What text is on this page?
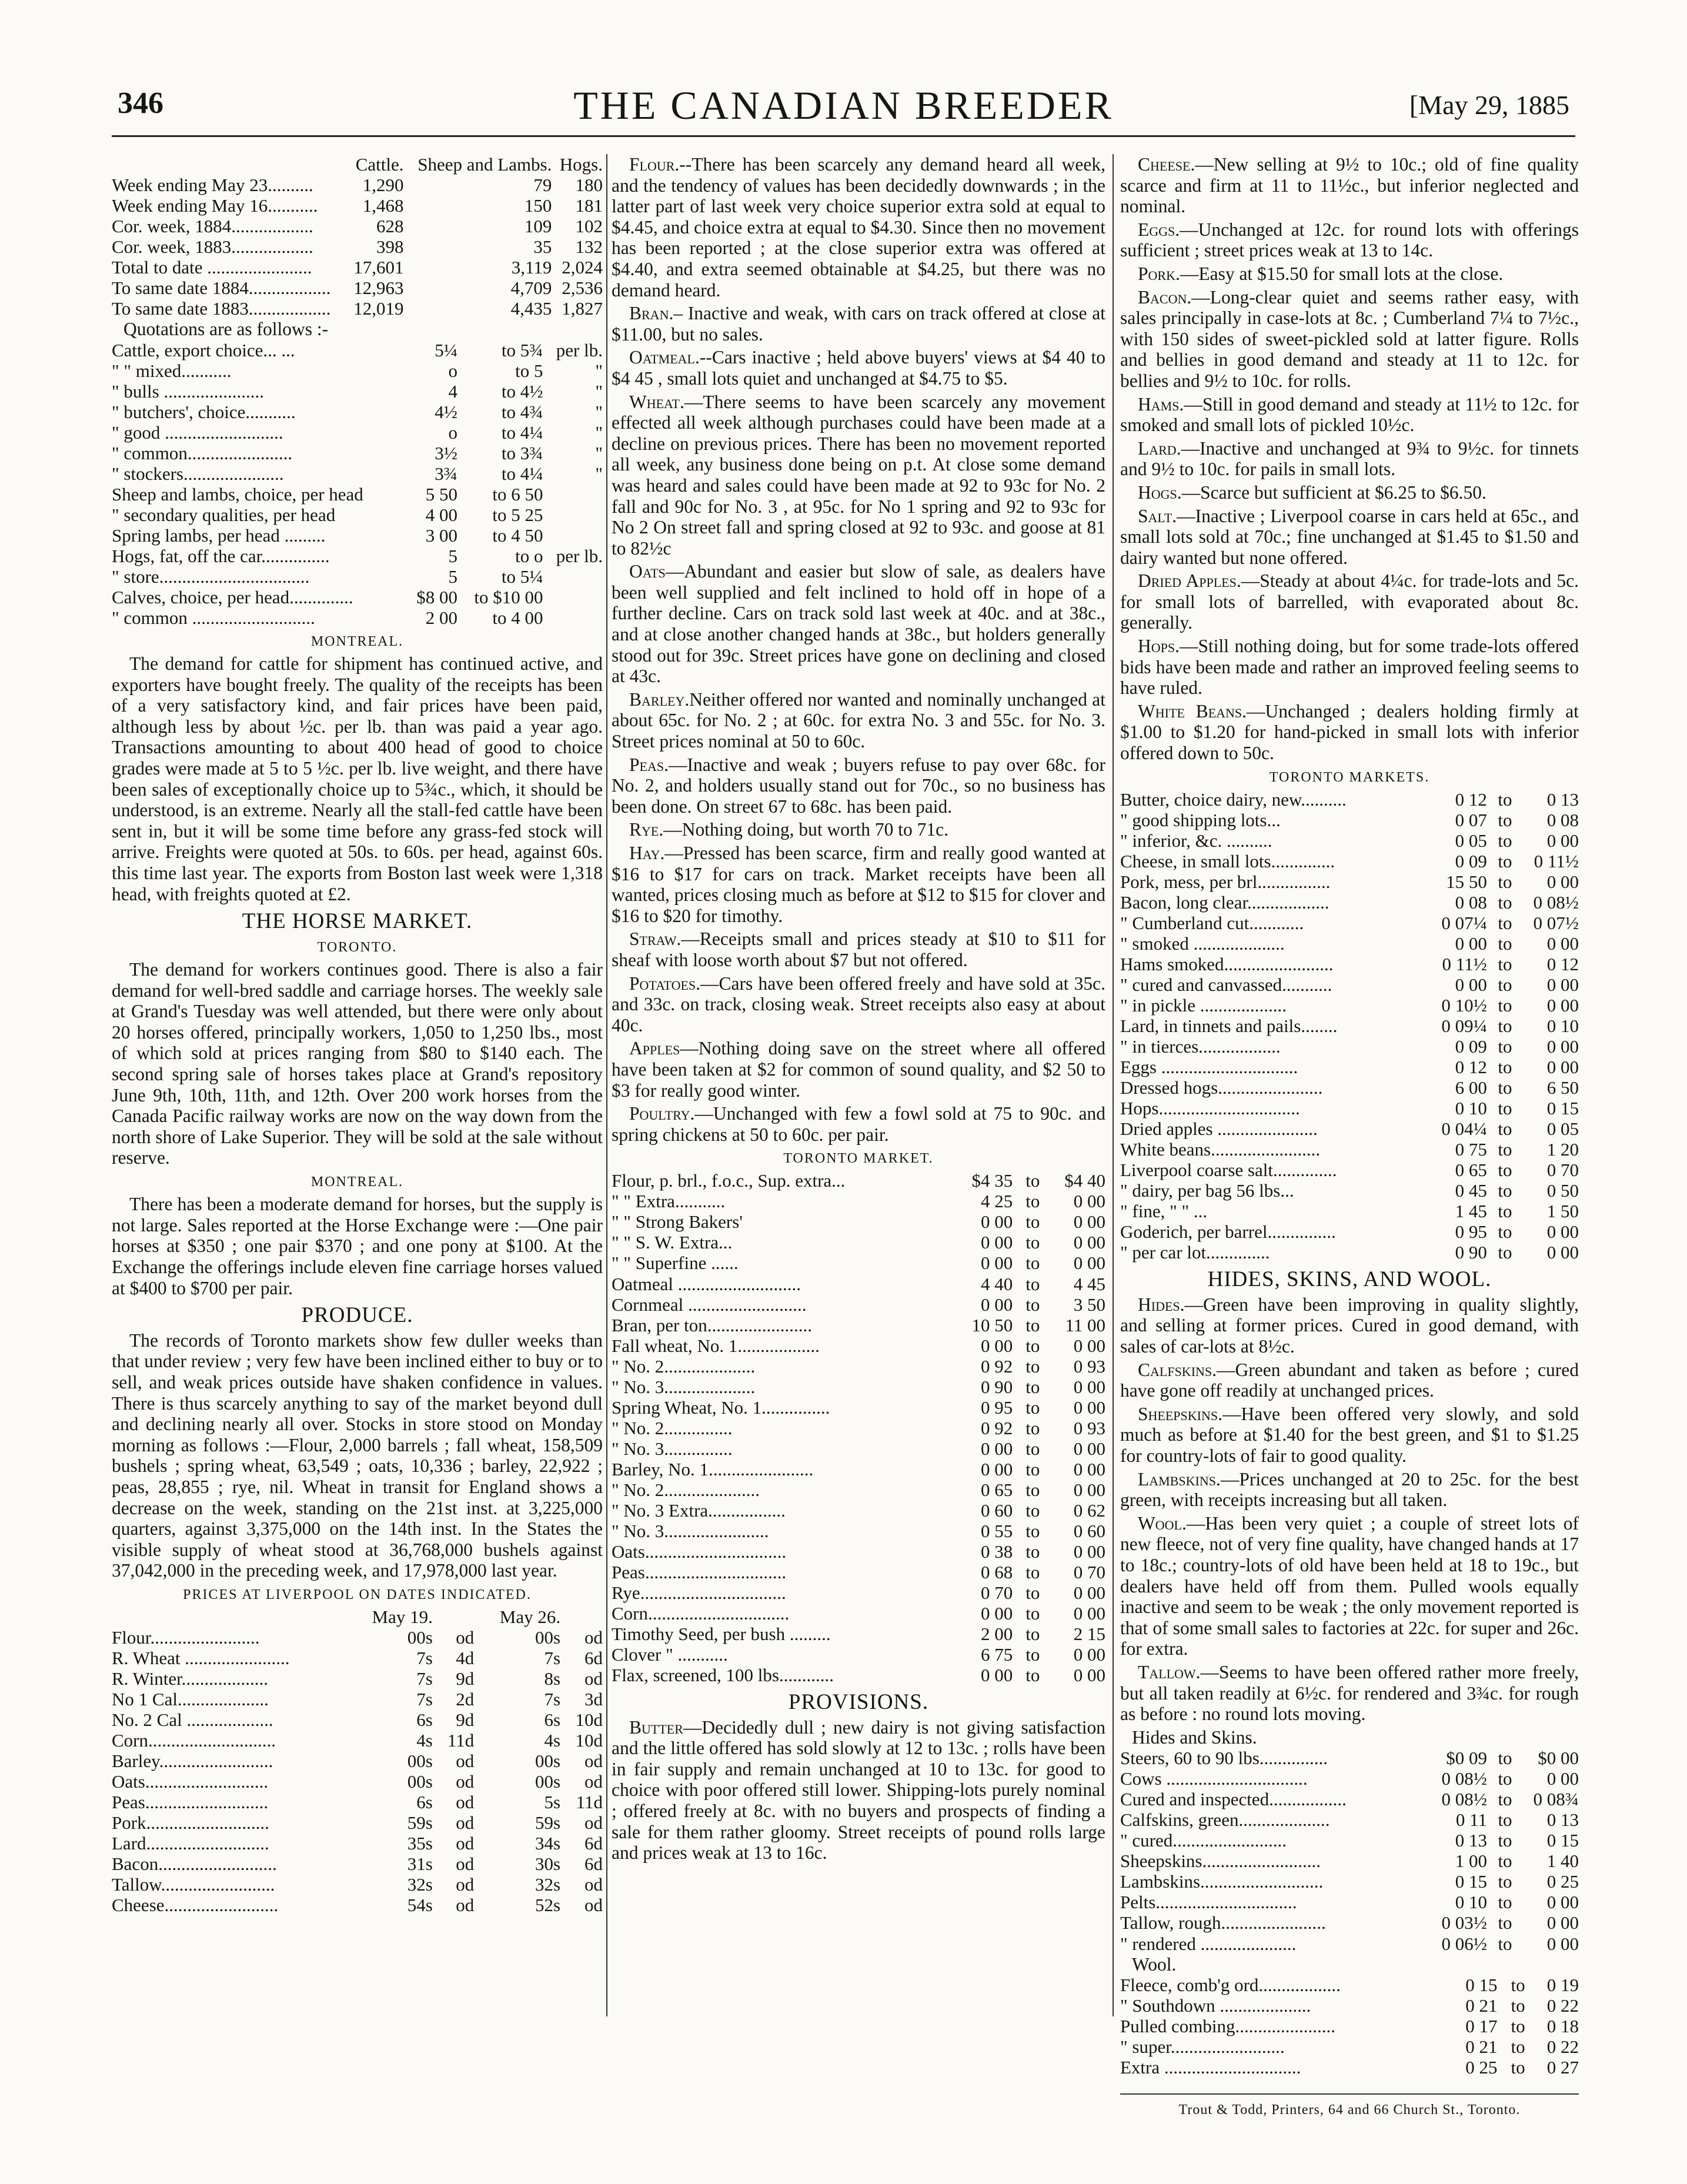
346	THE CANADIAN BREEDER	[May 29, 1885
	Cattle.	Sheep and Lambs.	Hogs.
Week ending May 23..........	1,290	79	180
Week ending May 16...........	1,468	150	181
Cor. week, 1884..................	628	109	102
Cor. week, 1883..................	398	35	132
Total to date .......................	17,601	3,119	2,024
To same date 1884..................	12,963	4,709	2,536
To same date 1883..................	12,019	4,435	1,827
Quotations are as follows :-
Cattle, export choice... ...	5¼	to 5¾	per lb.
" " mixed...........	o	to 5	"
" bulls ......................	4	to 4½	"
" butchers', choice...........	4½	to 4¾	"
" good ..........................	o	to 4¼	"
" common.......................	3½	to 3¾	"
" stockers......................	3¾	to 4¼	"
Sheep and lambs, choice, per head	5 50	to 6 50	
" secondary qualities, per head	4 00	to 5 25	
Spring lambs, per head .........	3 00	to 4 50	
Hogs, fat, off the car...............	5	to o	per lb.
" store.................................	5	to 5¼	
Calves, choice, per head..............	$8 00	to $10 00	
" common ...........................	2 00	to 4 00	
MONTREAL.

The demand for cattle for shipment has continued active, and exporters have bought freely. The quality of the receipts has been of a very satisfactory kind, and fair prices have been paid, although less by about ½c. per lb. than was paid a year ago. Transactions amounting to about 400 head of good to choice grades were made at 5 to 5 ½c. per lb. live weight, and there have been sales of exceptionally choice up to 5¾c., which, it should be understood, is an extreme. Nearly all the stall-fed cattle have been sent in, but it will be some time before any grass-fed stock will arrive. Freights were quoted at 50s. to 60s. per head, against 60s. this time last year. The exports from Boston last week were 1,318 head, with freights quoted at £2.

THE HORSE MARKET.
TORONTO.

The demand for workers continues good. There is also a fair demand for well-bred saddle and carriage horses. The weekly sale at Grand's Tuesday was well attended, but there were only about 20 horses offered, principally workers, 1,050 to 1,250 lbs., most of which sold at prices ranging from $80 to $140 each. The second spring sale of horses takes place at Grand's repository June 9th, 10th, 11th, and 12th. Over 200 work horses from the Canada Pacific railway works are now on the way down from the north shore of Lake Superior. They will be sold at the sale without reserve.

MONTREAL.

There has been a moderate demand for horses, but the supply is not large. Sales reported at the Horse Exchange were :—One pair horses at $350 ; one pair $370 ; and one pony at $100. At the Exchange the offerings include eleven fine carriage horses valued at $400 to $700 per pair.

PRODUCE.

The records of Toronto markets show few duller weeks than that under review ; very few have been inclined either to buy or to sell, and weak prices outside have shaken confidence in values. There is thus scarcely anything to say of the market beyond dull and declining nearly all over. Stocks in store stood on Monday morning as follows :—Flour, 2,000 barrels ; fall wheat, 158,509 bushels ; spring wheat, 63,549 ; oats, 10,336 ; barley, 22,922 ; peas, 28,855 ; rye, nil. Wheat in transit for England shows a decrease on the week, standing on the 21st inst. at 3,225,000 quarters, against 3,375,000 on the 14th inst. In the States the visible supply of wheat stood at 36,768,000 bushels against 37,042,000 in the preceding week, and 17,978,000 last year.

PRICES AT LIVERPOOL ON DATES INDICATED.
	May 19.		May 26.	
Flour........................	00s	od	00s	od
R. Wheat .......................	7s	4d	7s	6d
R. Winter...................	7s	9d	8s	od
No 1 Cal....................	7s	2d	7s	3d
No. 2 Cal ...................	6s	9d	6s	10d
Corn............................	4s	11d	4s	10d
Barley.........................	00s	od	00s	od
Oats...........................	00s	od	00s	od
Peas...........................	6s	od	5s	11d
Pork...........................	59s	od	59s	od
Lard...........................	35s	od	34s	6d
Bacon..........................	31s	od	30s	6d
Tallow.........................	32s	od	32s	od
Cheese.........................	54s	od	52s	od

Flour.--There has been scarcely any demand heard all week, and the tendency of values has been decidedly downwards ; in the latter part of last week very choice superior extra sold at equal to $4.45, and choice extra at equal to $4.30. Since then no movement has been reported ; at the close superior extra was offered at $4.40, and extra seemed obtainable at $4.25, but there was no demand heard.

Bran.– Inactive and weak, with cars on track offered at close at $11.00, but no sales.

Oatmeal.--Cars inactive ; held above buyers' views at $4 40 to $4 45 , small lots quiet and unchanged at $4.75 to $5.

Wheat.—There seems to have been scarcely any movement effected all week although purchases could have been made at a decline on previous prices. There has been no movement reported all week, any business done being on p.t. At close some demand was heard and sales could have been made at 92 to 93c for No. 2 fall and 90c for No. 3 , at 95c. for No 1 spring and 92 to 93c for No 2 On street fall and spring closed at 92 to 93c. and goose at 81 to 82½c

Oats—Abundant and easier but slow of sale, as dealers have been well supplied and felt inclined to hold off in hope of a further decline. Cars on track sold last week at 40c. and at 38c., and at close another changed hands at 38c., but holders generally stood out for 39c. Street prices have gone on declining and closed at 43c.

Barley.Neither offered nor wanted and nominally unchanged at about 65c. for No. 2 ; at 60c. for extra No. 3 and 55c. for No. 3. Street prices nominal at 50 to 60c.

Peas.—Inactive and weak ; buyers refuse to pay over 68c. for No. 2, and holders usually stand out for 70c., so no business has been done. On street 67 to 68c. has been paid.

Rye.—Nothing doing, but worth 70 to 71c.

Hay.—Pressed has been scarce, firm and really good wanted at $16 to $17 for cars on track. Market receipts have been all wanted, prices closing much as before at $12 to $15 for clover and $16 to $20 for timothy.

Straw.—Receipts small and prices steady at $10 to $11 for sheaf with loose worth about $7 but not offered.

Potatoes.—Cars have been offered freely and have sold at 35c. and 33c. on track, closing weak. Street receipts also easy at about 40c.

Apples—Nothing doing save on the street where all offered have been taken at $2 for common of sound quality, and $2 50 to $3 for really good winter.

Poultry.—Unchanged with few a fowl sold at 75 to 90c. and spring chickens at 50 to 60c. per pair.

TORONTO MARKET.
Flour, p. brl., f.o.c., Sup. extra...	$4 35	to	$4 40
" " Extra...........	4 25	to	0 00
" " Strong Bakers'	0 00	to	0 00
" " S. W. Extra...	0 00	to	0 00
" " Superfine ......	0 00	to	0 00
Oatmeal ...........................	4 40	to	4 45
Cornmeal ..........................	0 00	to	3 50
Bran, per ton.......................	10 50	to	11 00
Fall wheat, No. 1..................	0 00	to	0 00
" No. 2....................	0 92	to	0 93
" No. 3....................	0 90	to	0 00
Spring Wheat, No. 1...............	0 95	to	0 00
" No. 2...............	0 92	to	0 93
" No. 3...............	0 00	to	0 00
Barley, No. 1.......................	0 00	to	0 00
" No. 2.....................	0 65	to	0 00
" No. 3 Extra.................	0 60	to	0 62
" No. 3.......................	0 55	to	0 60
Oats...............................	0 38	to	0 00
Peas...............................	0 68	to	0 70
Rye................................	0 70	to	0 00
Corn...............................	0 00	to	0 00
Timothy Seed, per bush .........	2 00	to	2 15
Clover " ...........	6 75	to	0 00
Flax, screened, 100 lbs............	0 00	to	0 00
PROVISIONS.

Butter—Decidedly dull ; new dairy is not giving satisfaction and the little offered has sold slowly at 12 to 13c. ; rolls have been in fair supply and remain unchanged at 10 to 13c. for good to choice with poor offered still lower. Shipping-lots purely nominal ; offered freely at 8c. with no buyers and prospects of finding a sale for them rather gloomy. Street receipts of pound rolls large and prices weak at 13 to 16c.

Cheese.—New selling at 9½ to 10c.; old of fine quality scarce and firm at 11 to 11½c., but inferior neglected and nominal.

Eggs.—Unchanged at 12c. for round lots with offerings sufficient ; street prices weak at 13 to 14c.

Pork.—Easy at $15.50 for small lots at the close.

Bacon.—Long-clear quiet and seems rather easy, with sales principally in case-lots at 8c. ; Cumberland 7¼ to 7½c., with 150 sides of sweet-pickled sold at latter figure. Rolls and bellies in good demand and steady at 11 to 12c. for bellies and 9½ to 10c. for rolls.

Hams.—Still in good demand and steady at 11½ to 12c. for smoked and small lots of pickled 10½c.

Lard.—Inactive and unchanged at 9¾ to 9½c. for tinnets and 9½ to 10c. for pails in small lots.

Hogs.—Scarce but sufficient at $6.25 to $6.50.

Salt.—Inactive ; Liverpool coarse in cars held at 65c., and small lots sold at 70c.; fine unchanged at $1.45 to $1.50 and dairy wanted but none offered.

Dried Apples.—Steady at about 4¼c. for trade-lots and 5c. for small lots of barrelled, with evaporated about 8c. generally.

Hops.—Still nothing doing, but for some trade-lots offered bids have been made and rather an improved feeling seems to have ruled.

White Beans.—Unchanged ; dealers holding firmly at $1.00 to $1.20 for hand-picked in small lots with inferior offered down to 50c.

TORONTO MARKETS.
Butter, choice dairy, new..........	0 12	to	0 13
" good shipping lots...	0 07	to	0 08
" inferior, &c. ..........	0 05	to	0 00
Cheese, in small lots..............	0 09	to	0 11½
Pork, mess, per brl................	15 50	to	0 00
Bacon, long clear..................	0 08	to	0 08½
" Cumberland cut............	0 07¼	to	0 07½
" smoked ....................	0 00	to	0 00
Hams smoked........................	0 11½	to	0 12
" cured and canvassed...........	0 00	to	0 00
" in pickle ...................	0 10½	to	0 00
Lard, in tinnets and pails........	0 09¼	to	0 10
" in tierces..................	0 09	to	0 00
Eggs ..............................	0 12	to	0 00
Dressed hogs.......................	6 00	to	6 50
Hops...............................	0 10	to	0 15
Dried apples ......................	0 04¼	to	0 05
White beans........................	0 75	to	1 20
Liverpool coarse salt..............	0 65	to	0 70
" dairy, per bag 56 lbs...	0 45	to	0 50
" fine, " " ...	1 45	to	1 50
Goderich, per barrel...............	0 95	to	0 00
" per car lot..............	0 90	to	0 00
HIDES, SKINS, AND WOOL.

Hides.—Green have been improving in quality slightly, and selling at former prices. Cured in good demand, with sales of car-lots at 8½c.

Calfskins.—Green abundant and taken as before ; cured have gone off readily at unchanged prices.

Sheepskins.—Have been offered very slowly, and sold much as before at $1.40 for the best green, and $1 to $1.25 for country-lots of fair to good quality.

Lambskins.—Prices unchanged at 20 to 25c. for the best green, with receipts increasing but all taken.

Wool.—Has been very quiet ; a couple of street lots of new fleece, not of very fine quality, have changed hands at 17 to 18c.; country-lots of old have been held at 18 to 19c., but dealers have held off from them. Pulled wools equally inactive and seem to be weak ; the only movement reported is that of some small sales to factories at 22c. for super and 26c. for extra.

Tallow.—Seems to have been offered rather more freely, but all taken readily at 6½c. for rendered and 3¾c. for rough as before : no round lots moving.

Hides and Skins.
Steers, 60 to 90 lbs...............	$0 09	to	$0 00
Cows ...............................	0 08½	to	0 00
Cured and inspected.................	0 08½	to	0 08¾
Calfskins, green....................	0 11	to	0 13
" cured.........................	0 13	to	0 15
Sheepskins..........................	1 00	to	1 40
Lambskins...........................	0 15	to	0 25
Pelts...............................	0 10	to	0 00
Tallow, rough.......................	0 03½	to	0 00
" rendered .....................	0 06½	to	0 00
Wool.
Fleece, comb'g ord..................	0 15	to	0 19
" Southdown ....................	0 21	to	0 22
Pulled combing......................	0 17	to	0 18
" super.........................	0 21	to	0 22
Extra ..............................	0 25	to	0 27
Trout & Todd, Printers, 64 and 66 Church St., Toronto.
